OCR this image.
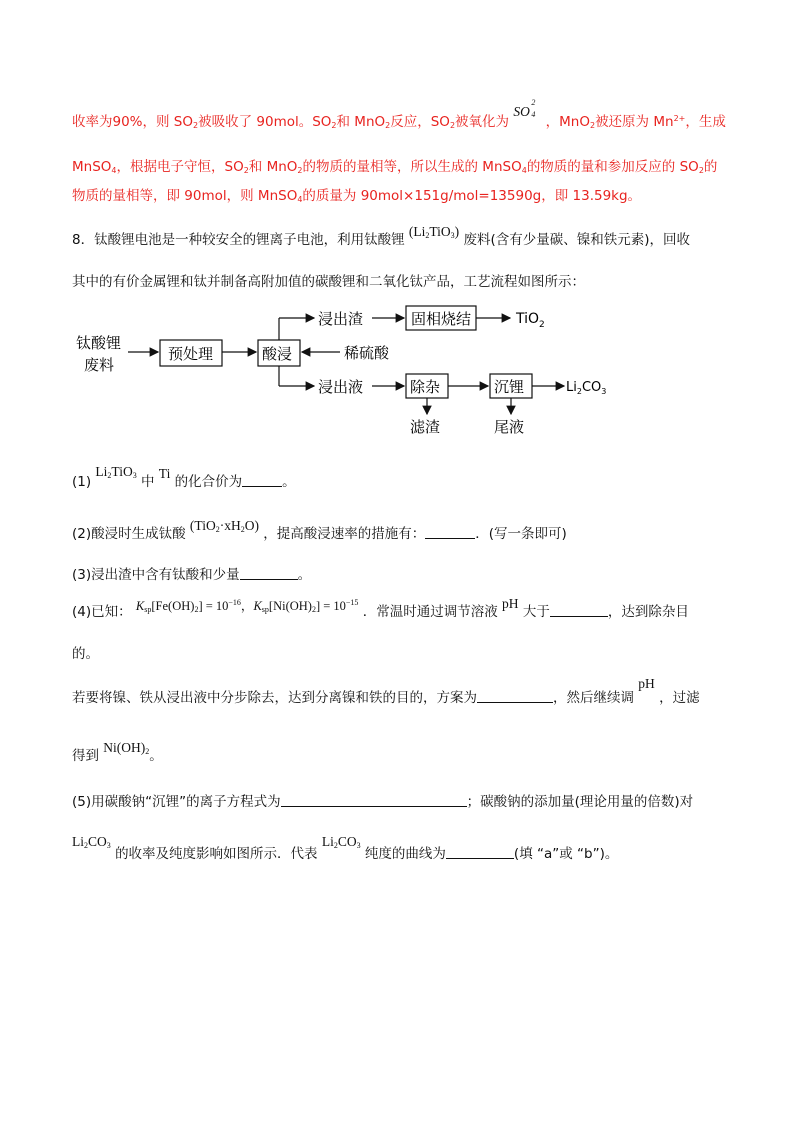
收率为90%，则 $SO_2$被吸收了 90mol。$SO_2$和 MnO$_2$反应，$SO_2$被氧化为 SO
2
4 ，MnO$_2$被还原为 $Mn^{2+}$，生成
MnSO$_4$，根据电子守恒，$SO_2$和 MnO$_2$的物质的量相等，所以生成的 MnSO$_4$的物质的量和参加反应的 $SO_2$的
物质的量相等，即 90mol，则 MnSO$_4$的质量为 90mol×151g/mol=13590g，即 13.59kg。
8．钛酸锂电池是一种较安全的锂离子电池，利用钛酸锂 $(Li_2TiO_3)$ 废料(含有少量碳、镍和铁元素)，回收
其中的有价金属锂和钛并制备高附加值的碳酸锂和二氧化钛产品，工艺流程如图所示：
钛酸锂
废料
预处理	酸浸	稀硫酸
浸出渣	固相烧结	TiO$_2$
浸出液	除杂	沉锂	$Li_2CO_3$
滤渣	尾液
(1) $Li_2TiO_3$ 中 Ti 的化合价为	。
(2)酸浸时生成钛酸 $(TiO_2\cdot xH_2O)$ ，提高酸浸速率的措施有：	．(写一条即可)
(3)浸出渣中含有钛酸和少量	。
(4)已知： $K_{sp}[Fe(OH)_2] = 10^{-16}$，$K_{sp}[Ni(OH)_2] = 10^{-15}$ ．常温时通过调节溶液 pH 大于	，达到除杂目
的。
若要将镍、铁从浸出液中分步除去，达到分离镍和铁的目的，方案为	，然后继续调 pH ，过滤
得到 $Ni(OH)_2$。
(5)用碳酸钠“沉锂”的离子方程式为	；碳酸钠的添加量(理论用量的倍数)对
$Li_2CO_3$ 的收率及纯度影响如图所示．代表 $Li_2CO_3$ 纯度的曲线为	(填 “a”或 “b”)。
